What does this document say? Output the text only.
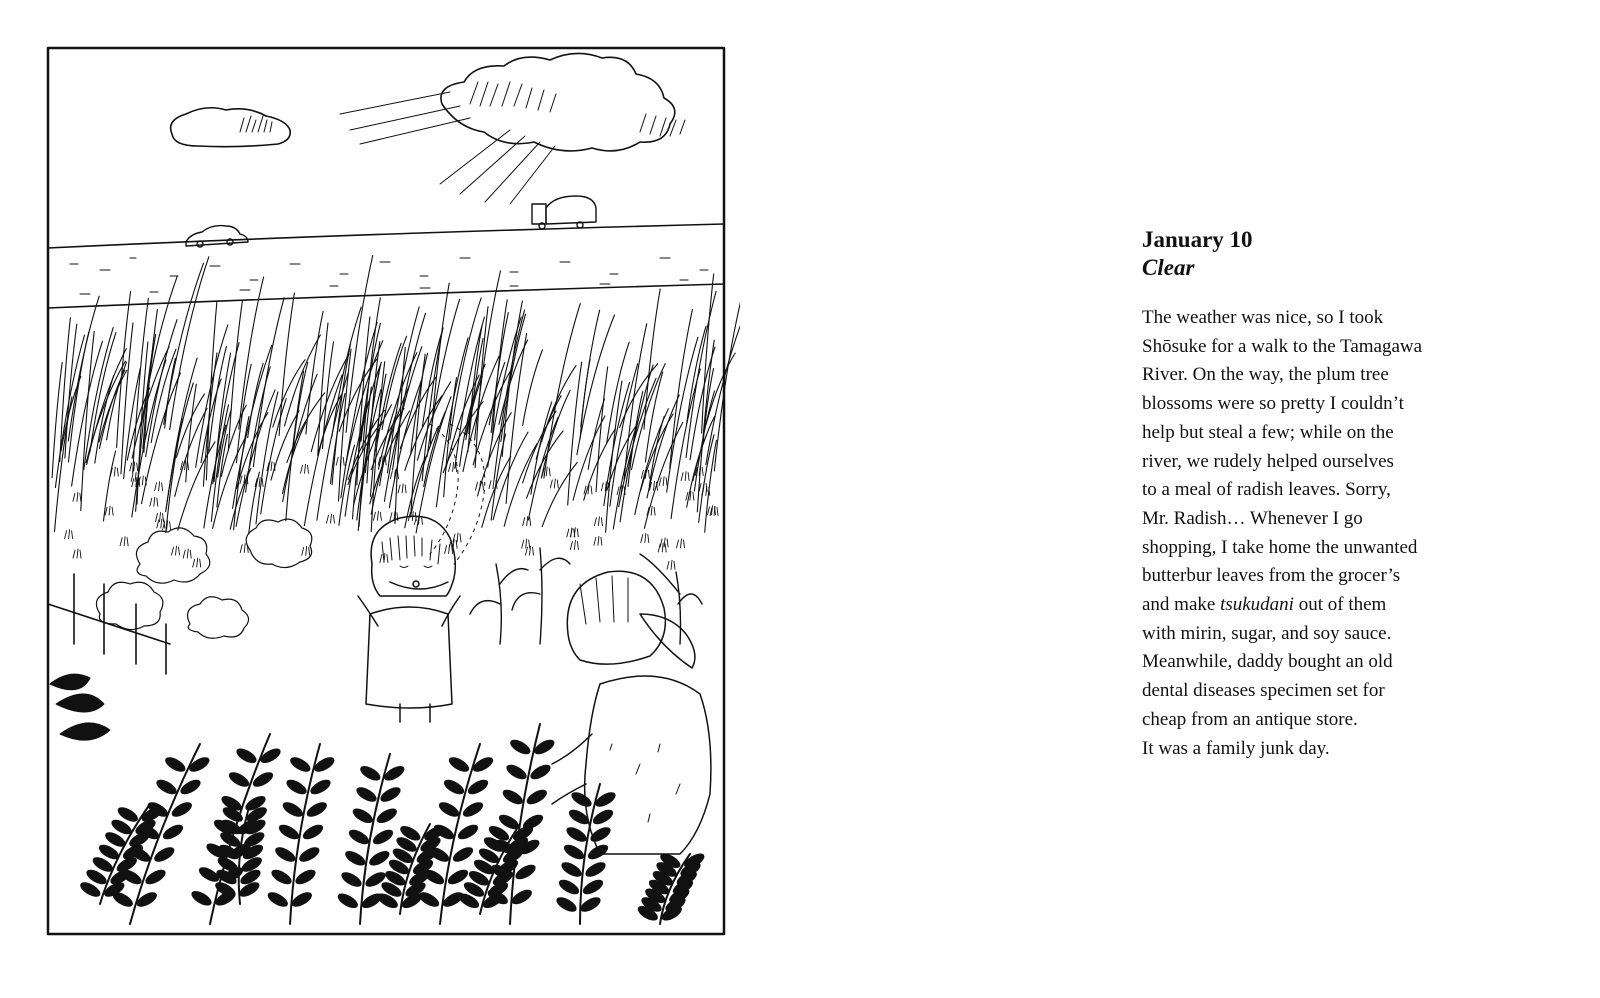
January 10

Clear

The weather was nice, so I took
Shōsuke for a walk to the Tamagawa
River. On the way, the plum tree
blossoms were so pretty I couldn’t
help but steal a few; while on the
river, we rudely helped ourselves
to a meal of radish leaves. Sorry,
Mr. Radish… Whenever I go
shopping, I take home the unwanted
butterbur leaves from the grocer’s
and make tsukudani out of them
with mirin, sugar, and soy sauce.
Meanwhile, daddy bought an old
dental diseases specimen set for
cheap from an antique store.
It was a family junk day.
